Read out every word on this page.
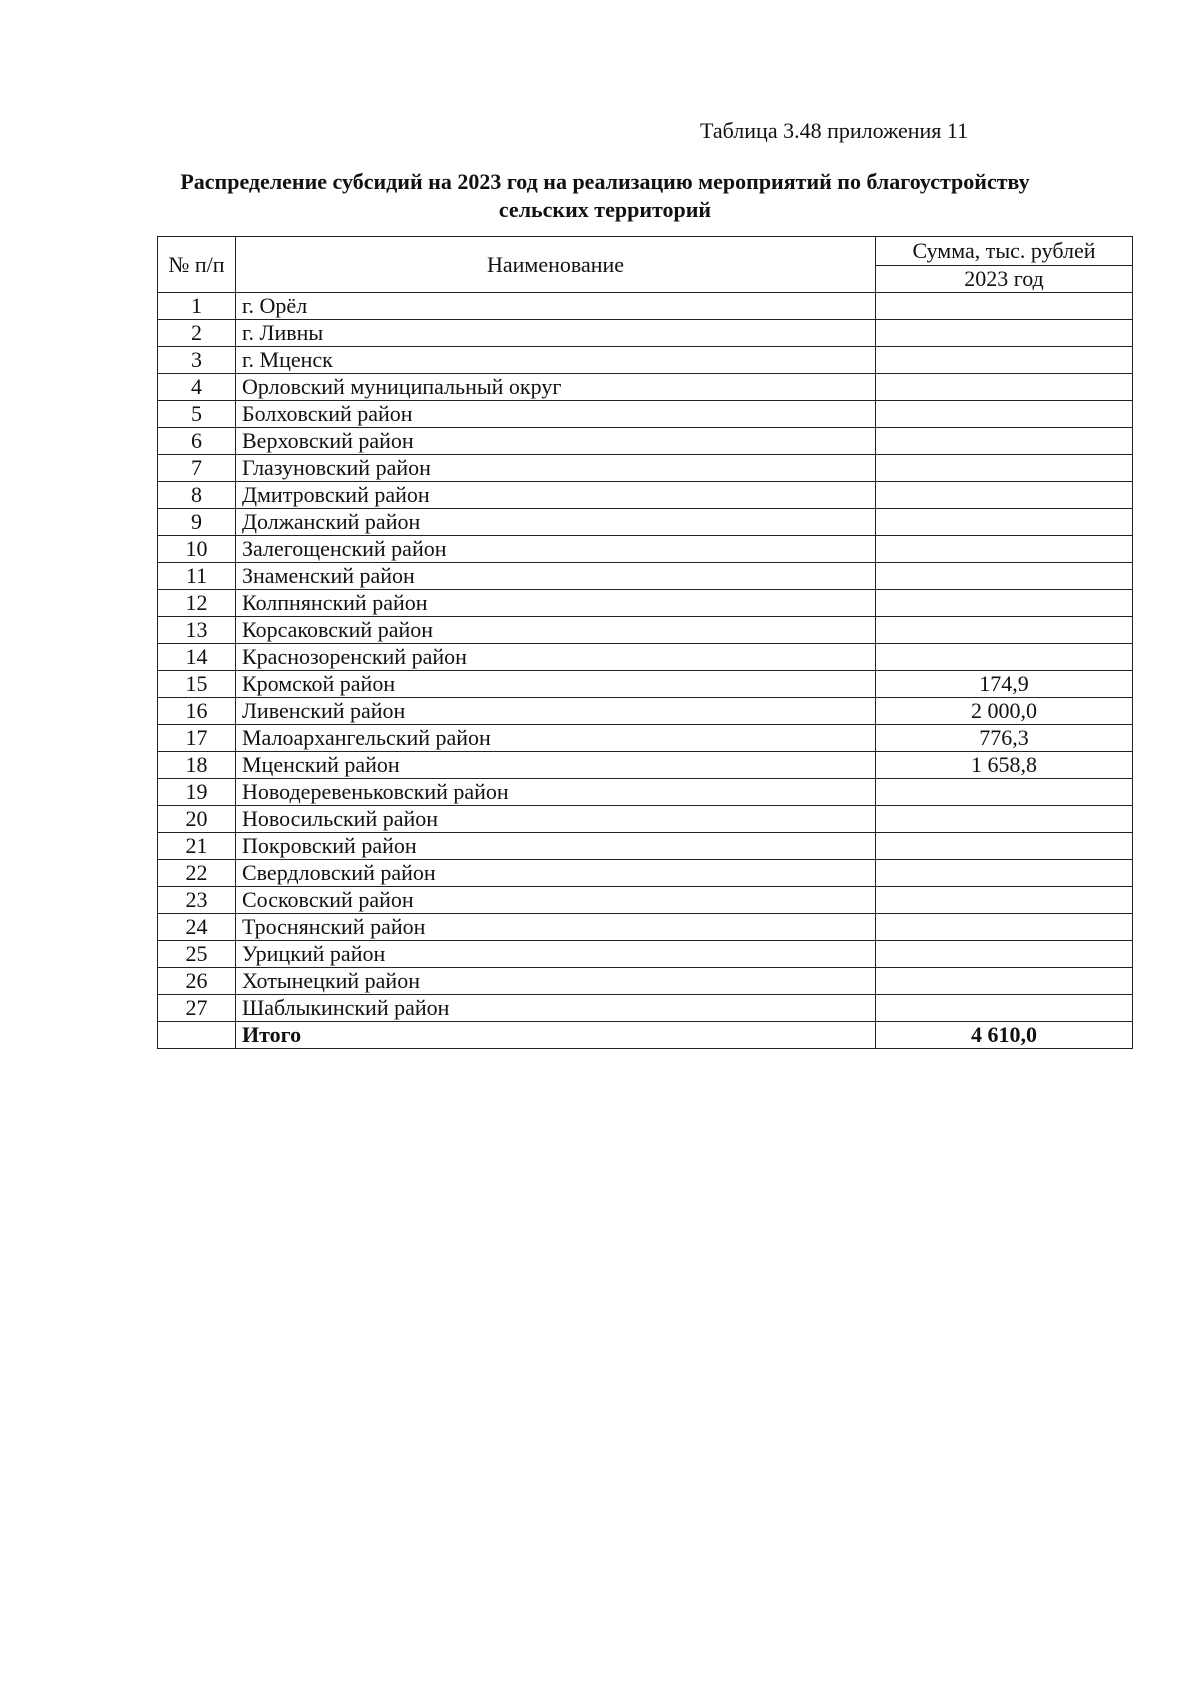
Таблица 3.48 приложения 11
Распределение субсидий на 2023 год на реализацию мероприятий по благоустройству сельских территорий
№ п/п	Наименование	Сумма, тыс. рублей
		2023 год
1	г. Орёл	
2	г. Ливны	
3	г. Мценск	
4	Орловский муниципальный округ	
5	Болховский район	
6	Верховский район	
7	Глазуновский район	
8	Дмитровский район	
9	Должанский район	
10	Залегощенский район	
11	Знаменский район	
12	Колпнянский район	
13	Корсаковский район	
14	Краснозоренский район	
15	Кромской район	174,9
16	Ливенский район	2 000,0
17	Малоархангельский район	776,3
18	Мценский район	1 658,8
19	Новодеревеньковский район	
20	Новосильский район	
21	Покровский район	
22	Свердловский район	
23	Сосковский район	
24	Троснянский район	
25	Урицкий район	
26	Хотынецкий район	
27	Шаблыкинский район	
	Итого	4 610,0
